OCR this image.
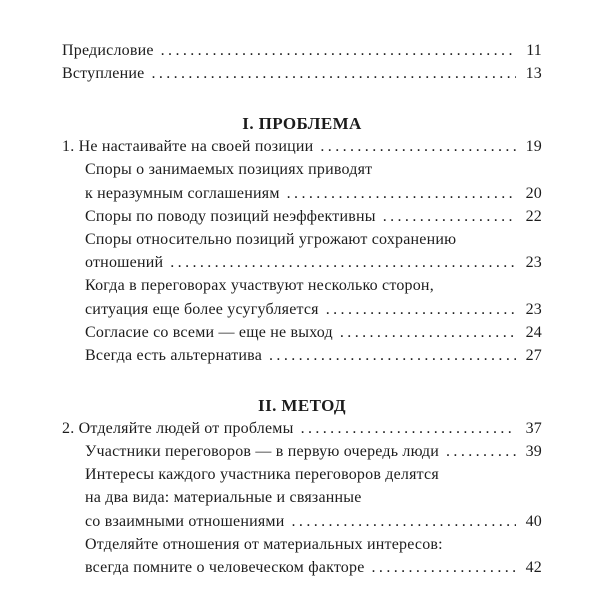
Предисловие .....	11
Вступление .....	13
I. ПРОБЛЕМА
1. Не настаивайте на своей позиции .....	19
Споры о занимаемых позициях приводят
к неразумным соглашениям .....	20
Споры по поводу позиций неэффективны .....	22
Споры относительно позиций угрожают сохранению
отношений .....	23
Когда в переговорах участвуют несколько сторон,
ситуация еще более усугубляется .....	23
Согласие со всеми — еще не выход .....	24
Всегда есть альтернатива .....	27
II. МЕТОД
2. Отделяйте людей от проблемы .....	37
Участники переговоров — в первую очередь люди .....	39
Интересы каждого участника переговоров делятся
на два вида: материальные и связанные
со взаимными отношениями .....	40
Отделяйте отношения от материальных интересов:
всегда помните о человеческом факторе .....	42
